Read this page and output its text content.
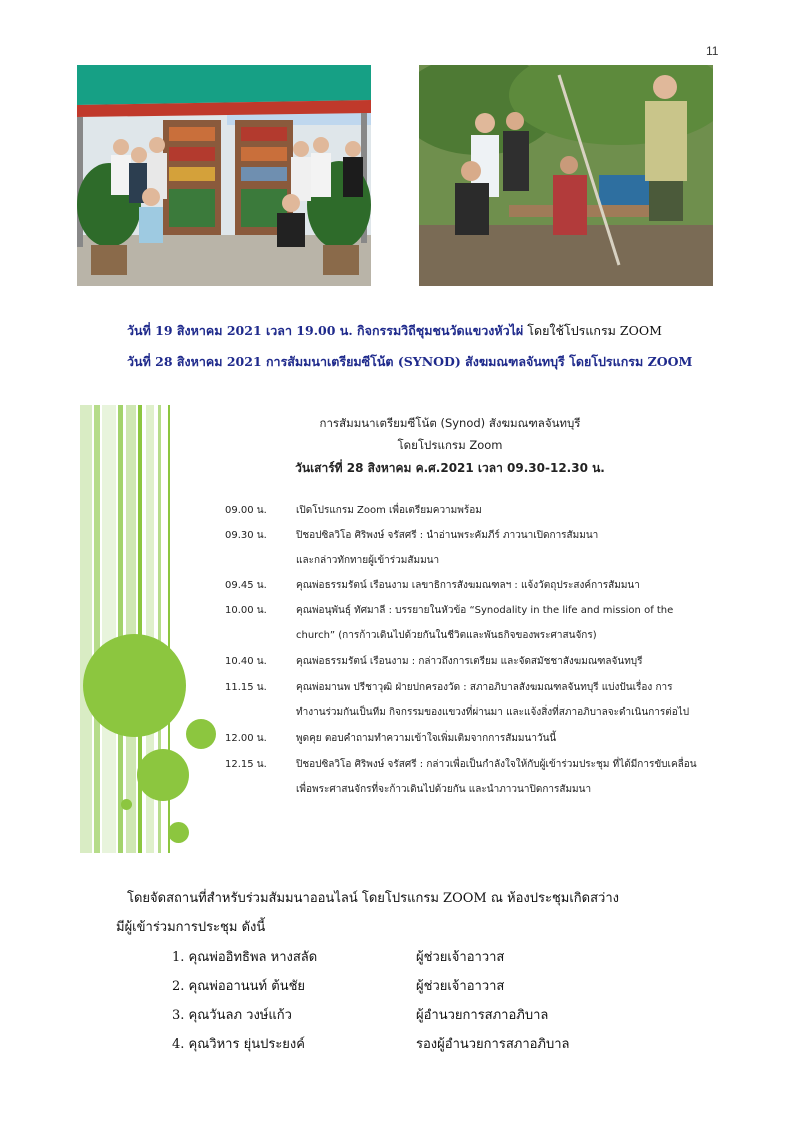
11
วันที่ 19 สิงหาคม 2021 เวลา 19.00 น. กิจกรรมวิถีชุมชนวัดแขวงหัวไผ่ โดยใช้โปรแกรม ZOOM
วันที่ 28 สิงหาคม 2021 การสัมมนาเตรียมซีโน้ต (SYNOD) สังฆมณฑลจันทบุรี โดยโปรแกรม ZOOM
การสัมมนาเตรียมซีโน้ต (Synod) สังฆมณฑลจันทบุรี
โดยโปรแกรม Zoom
วันเสาร์ที่ 28 สิงหาคม ค.ศ.2021 เวลา 09.30-12.30 น.
09.00 น.	เปิดโปรแกรม Zoom เพื่อเตรียมความพร้อม
09.30 น.	ปิชอปซิลวิโอ ศิริพงษ์ จรัสศรี : นำอ่านพระคัมภีร์ ภาวนาเปิดการสัมมนา
และกล่าวทักทายผู้เข้าร่วมสัมมนา
09.45 น.	คุณพ่อธรรมรัตน์ เรือนงาม เลขาธิการสังฆมณฑลฯ : แจ้งวัตถุประสงค์การสัมมนา
10.00 น.	คุณพ่อนุพันธุ์ ทัศมาลี : บรรยายในหัวข้อ “Synodality in the life and mission of the
church” (การก้าวเดินไปด้วยกันในชีวิตและพันธกิจของพระศาสนจักร)
10.40 น.	คุณพ่อธรรมรัตน์ เรือนงาม : กล่าวถึงการเตรียม และจัดสมัชชาสังฆมณฑลจันทบุรี
11.15 น.	คุณพ่อมานพ ปรีชาวุฒิ ฝ่ายปกครองวัด : สภาอภิบาลสังฆมณฑลจันทบุรี แบ่งปันเรื่อง การ
ทำงานร่วมกันเป็นทีม กิจกรรมของแขวงที่ผ่านมา และแจ้งสิ่งที่สภาอภิบาลจะดำเนินการต่อไป
12.00 น.	พูดคุย ตอบคำถามทำความเข้าใจเพิ่มเติมจากการสัมมนาวันนี้
12.15 น.	ปิชอปซิลวิโอ ศิริพงษ์ จรัสศรี : กล่าวเพื่อเป็นกำลังใจให้กับผู้เข้าร่วมประชุม ที่ได้มีการขับเคลื่อน
เพื่อพระศาสนจักรที่จะก้าวเดินไปด้วยกัน และนำภาวนาปิดการสัมมนา
โดยจัดสถานที่สำหรับร่วมสัมมนาออนไลน์ โดยโปรแกรม ZOOM ณ ห้องประชุมเกิดสว่าง
มีผู้เข้าร่วมการประชุม ดังนี้
1. คุณพ่ออิทธิพล หางสลัด	ผู้ช่วยเจ้าอาวาส
2. คุณพ่ออานนท์ ต้นชัย	ผู้ช่วยเจ้าอาวาส
3. คุณวันลภ วงษ์แก้ว	ผู้อำนวยการสภาอภิบาล
4. คุณวิหาร ยุ่นประยงค์	รองผู้อำนวยการสภาอภิบาล
